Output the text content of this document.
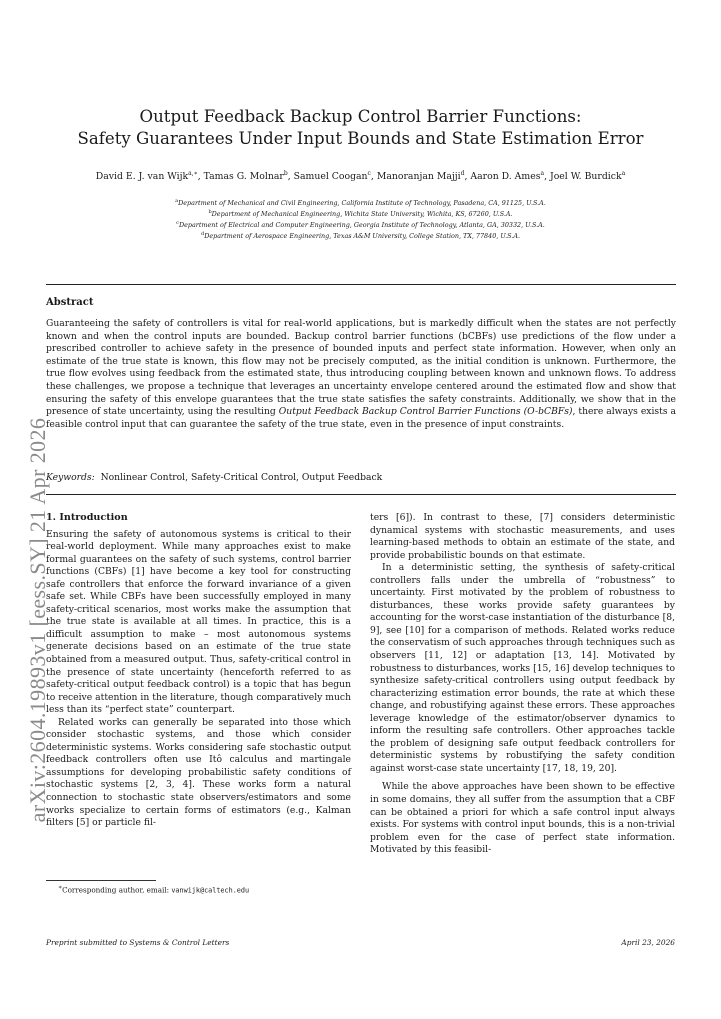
Output Feedback Backup Control Barrier Functions:
Safety Guarantees Under Input Bounds and State Estimation Error
David E. J. van Wijk$^{a,∗}$, Tamas G. Molnar$^b$, Samuel Coogan$^c$, Manoranjan Majji$^d$, Aaron D. Ames$^a$, Joel W. Burdick$^a$
$^a$Department of Mechanical and Civil Engineering, California Institute of Technology, Pasadena, CA, 91125, U.S.A.
$^b$Department of Mechanical Engineering, Wichita State University, Wichita, KS, 67260, U.S.A.
$^c$Department of Electrical and Computer Engineering, Georgia Institute of Technology, Atlanta, GA, 30332, U.S.A.
$^d$Department of Aerospace Engineering, Texas A&M University, College Station, TX, 77840, U.S.A.
Abstract
Guaranteeing the safety of controllers is vital for real-world applications, but is markedly difficult when the states are not perfectly known and when the control inputs are bounded. Backup control barrier functions (bCBFs) use predictions of the flow under a prescribed controller to achieve safety in the presence of bounded inputs and perfect state information. However, when only an estimate of the true state is known, this flow may not be precisely computed, as the initial condition is unknown. Furthermore, the true flow evolves using feedback from the estimated state, thus introducing coupling between known and unknown flows. To address these challenges, we propose a technique that leverages an uncertainty envelope centered around the estimated flow and show that ensuring the safety of this envelope guarantees that the true state satisfies the safety constraints. Additionally, we show that in the presence of state uncertainty, using the resulting Output Feedback Backup Control Barrier Functions (O-bCBFs), there always exists a feasible control input that can guarantee the safety of the true state, even in the presence of input constraints.
Keywords: Nonlinear Control, Safety-Critical Control, Output Feedback

1. Introduction

Ensuring the safety of autonomous systems is critical to their real-world deployment. While many approaches exist to make formal guarantees on the safety of such systems, control barrier functions (CBFs) [1] have become a key tool for constructing safe controllers that enforce the forward invariance of a given safe set. While CBFs have been successfully employed in many safety-critical scenarios, most works make the assumption that the true state is available at all times. In practice, this is a difficult assumption to make – most autonomous systems generate decisions based on an estimate of the true state obtained from a measured output. Thus, safety-critical control in the presence of state uncertainty (henceforth referred to as safety-critical output feedback control) is a topic that has begun to receive attention in the literature, though comparatively much less than its “perfect state” counterpart.

Related works can generally be separated into those which consider stochastic systems, and those which consider deterministic systems. Works considering safe stochastic output feedback controllers often use Itô calculus and martingale assumptions for developing probabilistic safety conditions of stochastic systems [2, 3, 4]. These works form a natural connection to stochastic state observers/estimators and some works specialize to certain forms of estimators (e.g., Kalman filters [5] or particle fil-

ters [6]). In contrast to these, [7] considers deterministic dynamical systems with stochastic measurements, and uses learning-based methods to obtain an estimate of the state, and provide probabilistic bounds on that estimate.

In a deterministic setting, the synthesis of safety-critical controllers falls under the umbrella of “robustness” to uncertainty. First motivated by the problem of robustness to disturbances, these works provide safety guarantees by accounting for the worst-case instantiation of the disturbance [8, 9], see [10] for a comparison of methods. Related works reduce the conservatism of such approaches through techniques such as observers [11, 12] or adaptation [13, 14]. Motivated by robustness to disturbances, works [15, 16] develop techniques to synthesize safety-critical controllers using output feedback by characterizing estimation error bounds, the rate at which these change, and robustifying against these errors. These approaches leverage knowledge of the estimator/observer dynamics to inform the resulting safe controllers. Other approaches tackle the problem of designing safe output feedback controllers for deterministic systems by robustifying the safety condition against worst-case state uncertainty [17, 18, 19, 20].

While the above approaches have been shown to be effective in some domains, they all suffer from the assumption that a CBF can be obtained a priori for which a safe control input always exists. For systems with control input bounds, this is a non-trivial problem even for the case of perfect state information. Motivated by this feasibil-

arXiv:2604.19893v1 [eess.SY] 21 Apr 2026
∗Corresponding author, email: vanwijk@caltech.edu
Preprint submitted to Systems & Control Letters	April 23, 2026
